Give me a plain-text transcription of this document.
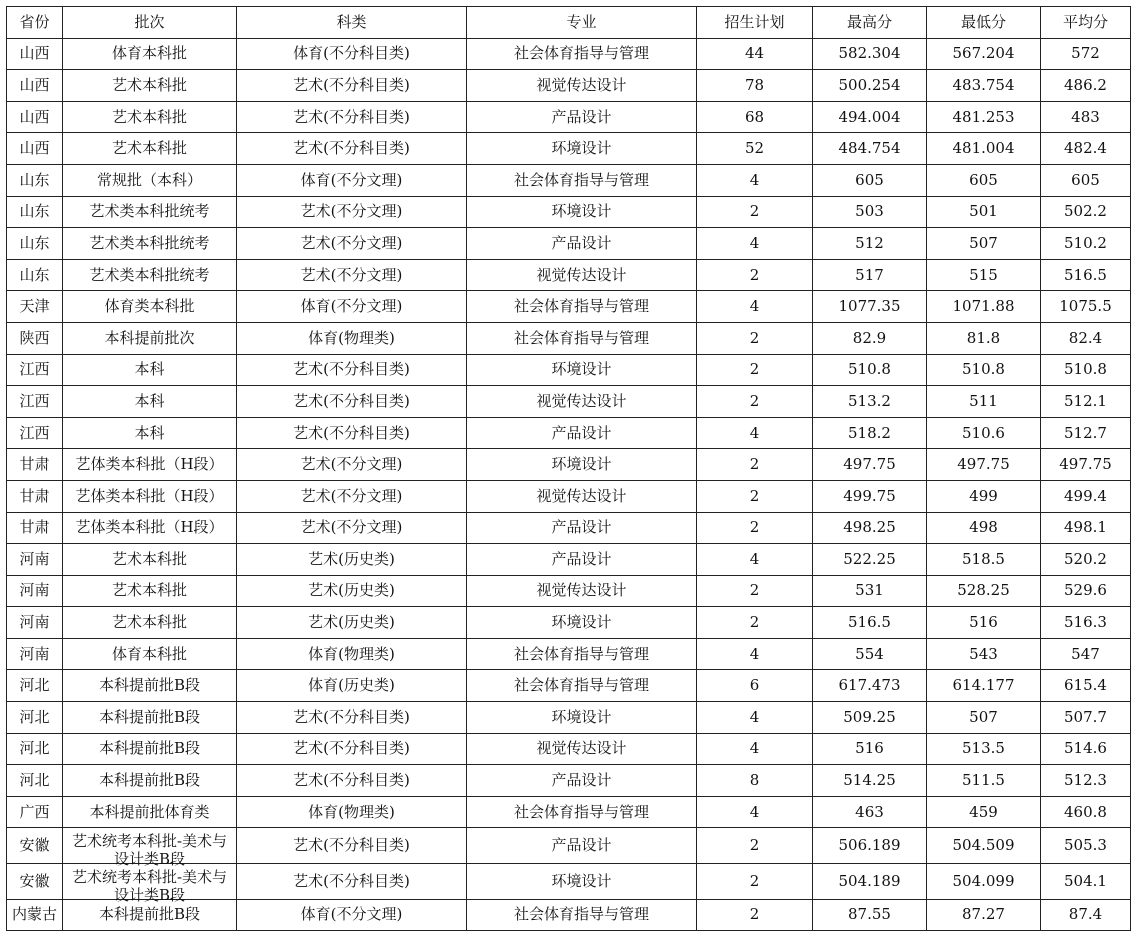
省份	批次	科类	专业	招生计划	最高分	最低分	平均分
山西	体育本科批	体育(不分科目类)	社会体育指导与管理	44	582.304	567.204	572
山西	艺术本科批	艺术(不分科目类)	视觉传达设计	78	500.254	483.754	486.2
山西	艺术本科批	艺术(不分科目类)	产品设计	68	494.004	481.253	483
山西	艺术本科批	艺术(不分科目类)	环境设计	52	484.754	481.004	482.4
山东	常规批（本科）	体育(不分文理)	社会体育指导与管理	4	605	605	605
山东	艺术类本科批统考	艺术(不分文理)	环境设计	2	503	501	502.2
山东	艺术类本科批统考	艺术(不分文理)	产品设计	4	512	507	510.2
山东	艺术类本科批统考	艺术(不分文理)	视觉传达设计	2	517	515	516.5
天津	体育类本科批	体育(不分文理)	社会体育指导与管理	4	1077.35	1071.88	1075.5
陕西	本科提前批次	体育(物理类)	社会体育指导与管理	2	82.9	81.8	82.4
江西	本科	艺术(不分科目类)	环境设计	2	510.8	510.8	510.8
江西	本科	艺术(不分科目类)	视觉传达设计	2	513.2	511	512.1
江西	本科	艺术(不分科目类)	产品设计	4	518.2	510.6	512.7
甘肃	艺体类本科批（H段）	艺术(不分文理)	环境设计	2	497.75	497.75	497.75
甘肃	艺体类本科批（H段）	艺术(不分文理)	视觉传达设计	2	499.75	499	499.4
甘肃	艺体类本科批（H段）	艺术(不分文理)	产品设计	2	498.25	498	498.1
河南	艺术本科批	艺术(历史类)	产品设计	4	522.25	518.5	520.2
河南	艺术本科批	艺术(历史类)	视觉传达设计	2	531	528.25	529.6
河南	艺术本科批	艺术(历史类)	环境设计	2	516.5	516	516.3
河南	体育本科批	体育(物理类)	社会体育指导与管理	4	554	543	547
河北	本科提前批B段	体育(历史类)	社会体育指导与管理	6	617.473	614.177	615.4
河北	本科提前批B段	艺术(不分科目类)	环境设计	4	509.25	507	507.7
河北	本科提前批B段	艺术(不分科目类)	视觉传达设计	4	516	513.5	514.6
河北	本科提前批B段	艺术(不分科目类)	产品设计	8	514.25	511.5	512.3
广西	本科提前批体育类	体育(物理类)	社会体育指导与管理	4	463	459	460.8
安徽	艺术统考本科批-美术与设计类B段	艺术(不分科目类)	产品设计	2	506.189	504.509	505.3
安徽	艺术统考本科批-美术与设计类B段	艺术(不分科目类)	环境设计	2	504.189	504.099	504.1
内蒙古	本科提前批B段	体育(不分文理)	社会体育指导与管理	2	87.55	87.27	87.4
